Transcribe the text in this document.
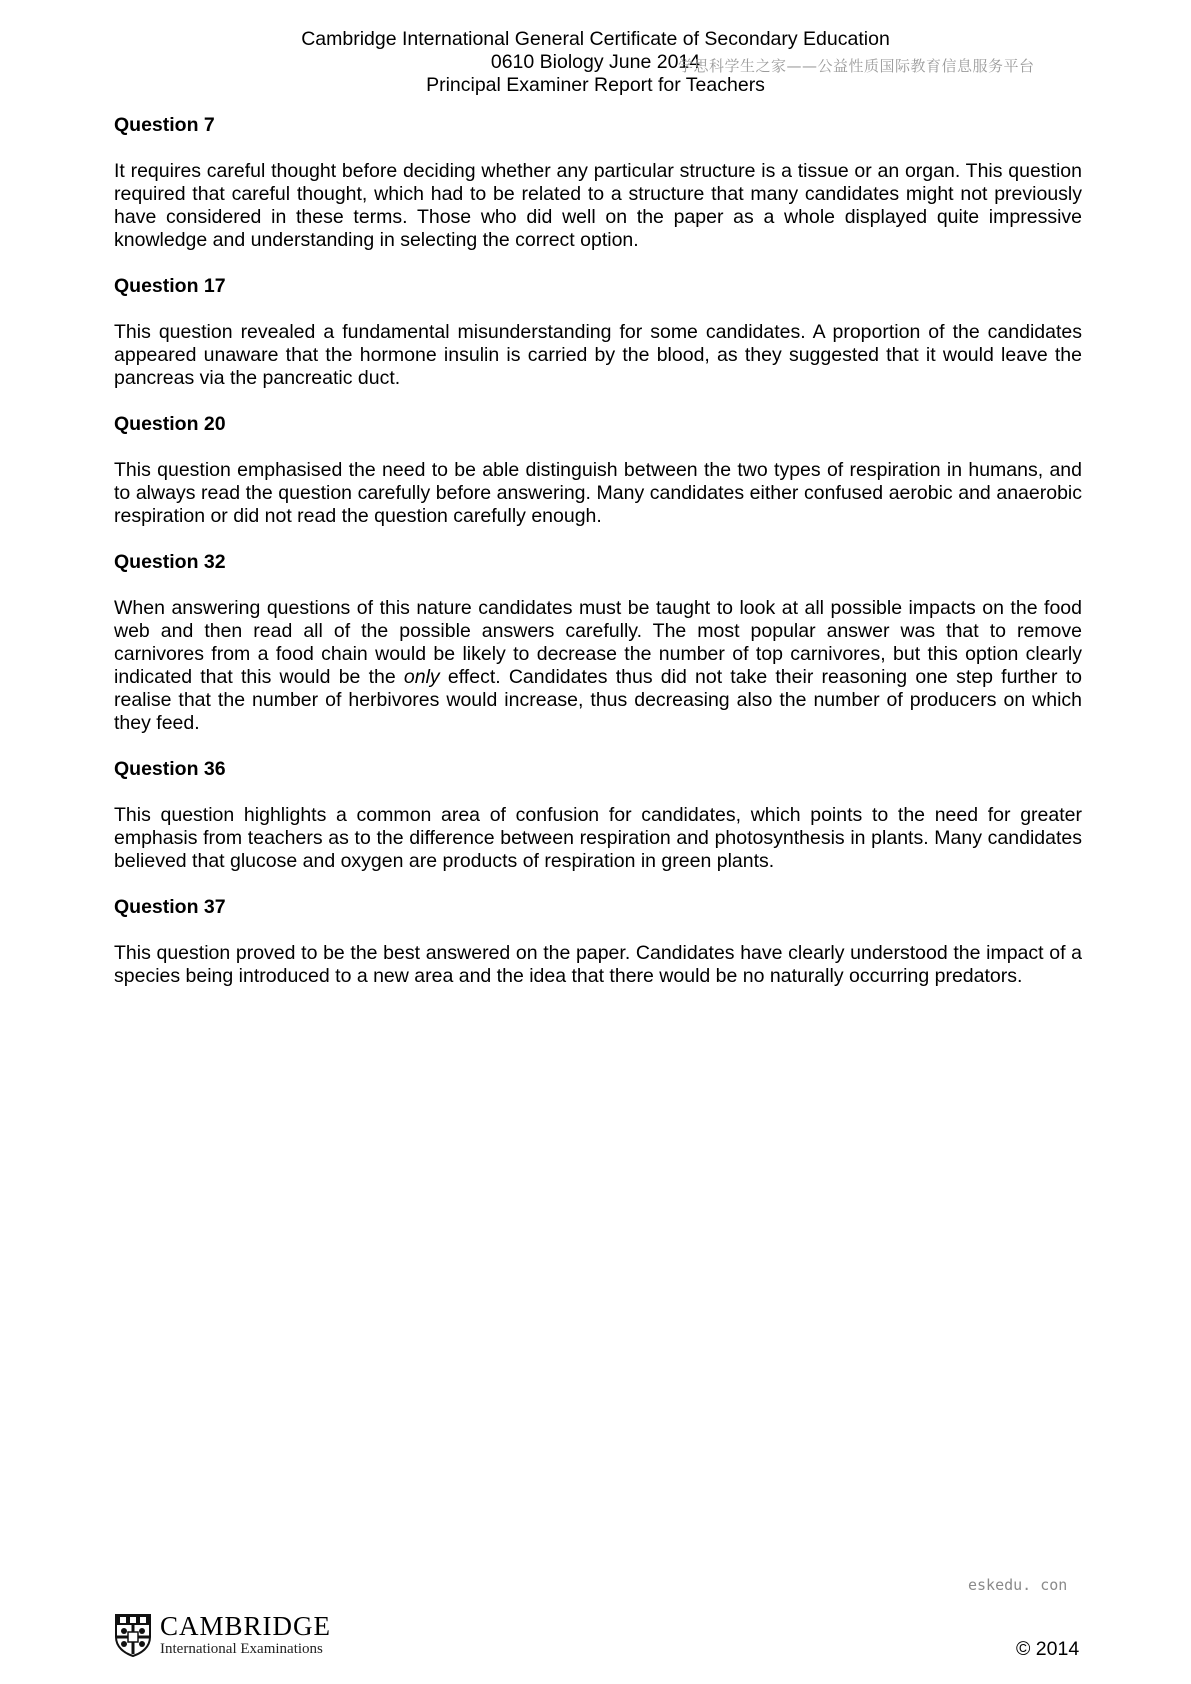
Cambridge International General Certificate of Secondary Education
0610 Biology June 2014
Principal Examiner Report for Teachers
学思科学生之家——公益性质国际教育信息服务平台

Question 7

It requires careful thought before deciding whether any particular structure is a tissue or an organ. This question required that careful thought, which had to be related to a structure that many candidates might not previously have considered in these terms. Those who did well on the paper as a whole displayed quite impressive knowledge and understanding in selecting the correct option.

Question 17

This question revealed a fundamental misunderstanding for some candidates. A proportion of the candidates appeared unaware that the hormone insulin is carried by the blood, as they suggested that it would leave the pancreas via the pancreatic duct.

Question 20

This question emphasised the need to be able distinguish between the two types of respiration in humans, and to always read the question carefully before answering. Many candidates either confused aerobic and anaerobic respiration or did not read the question carefully enough.

Question 32

When answering questions of this nature candidates must be taught to look at all possible impacts on the food web and then read all of the possible answers carefully. The most popular answer was that to remove carnivores from a food chain would be likely to decrease the number of top carnivores, but this option clearly indicated that this would be the only effect. Candidates thus did not take their reasoning one step further to realise that the number of herbivores would increase, thus decreasing also the number of producers on which they feed.

Question 36

This question highlights a common area of confusion for candidates, which points to the need for greater emphasis from teachers as to the difference between respiration and photosynthesis in plants. Many candidates believed that glucose and oxygen are products of respiration in green plants.

Question 37

This question proved to be the best answered on the paper. Candidates have clearly understood the impact of a species being introduced to a new area and the idea that there would be no naturally occurring predators.

eskedu. con
CAMBRIDGE
International Examinations	© 2014
